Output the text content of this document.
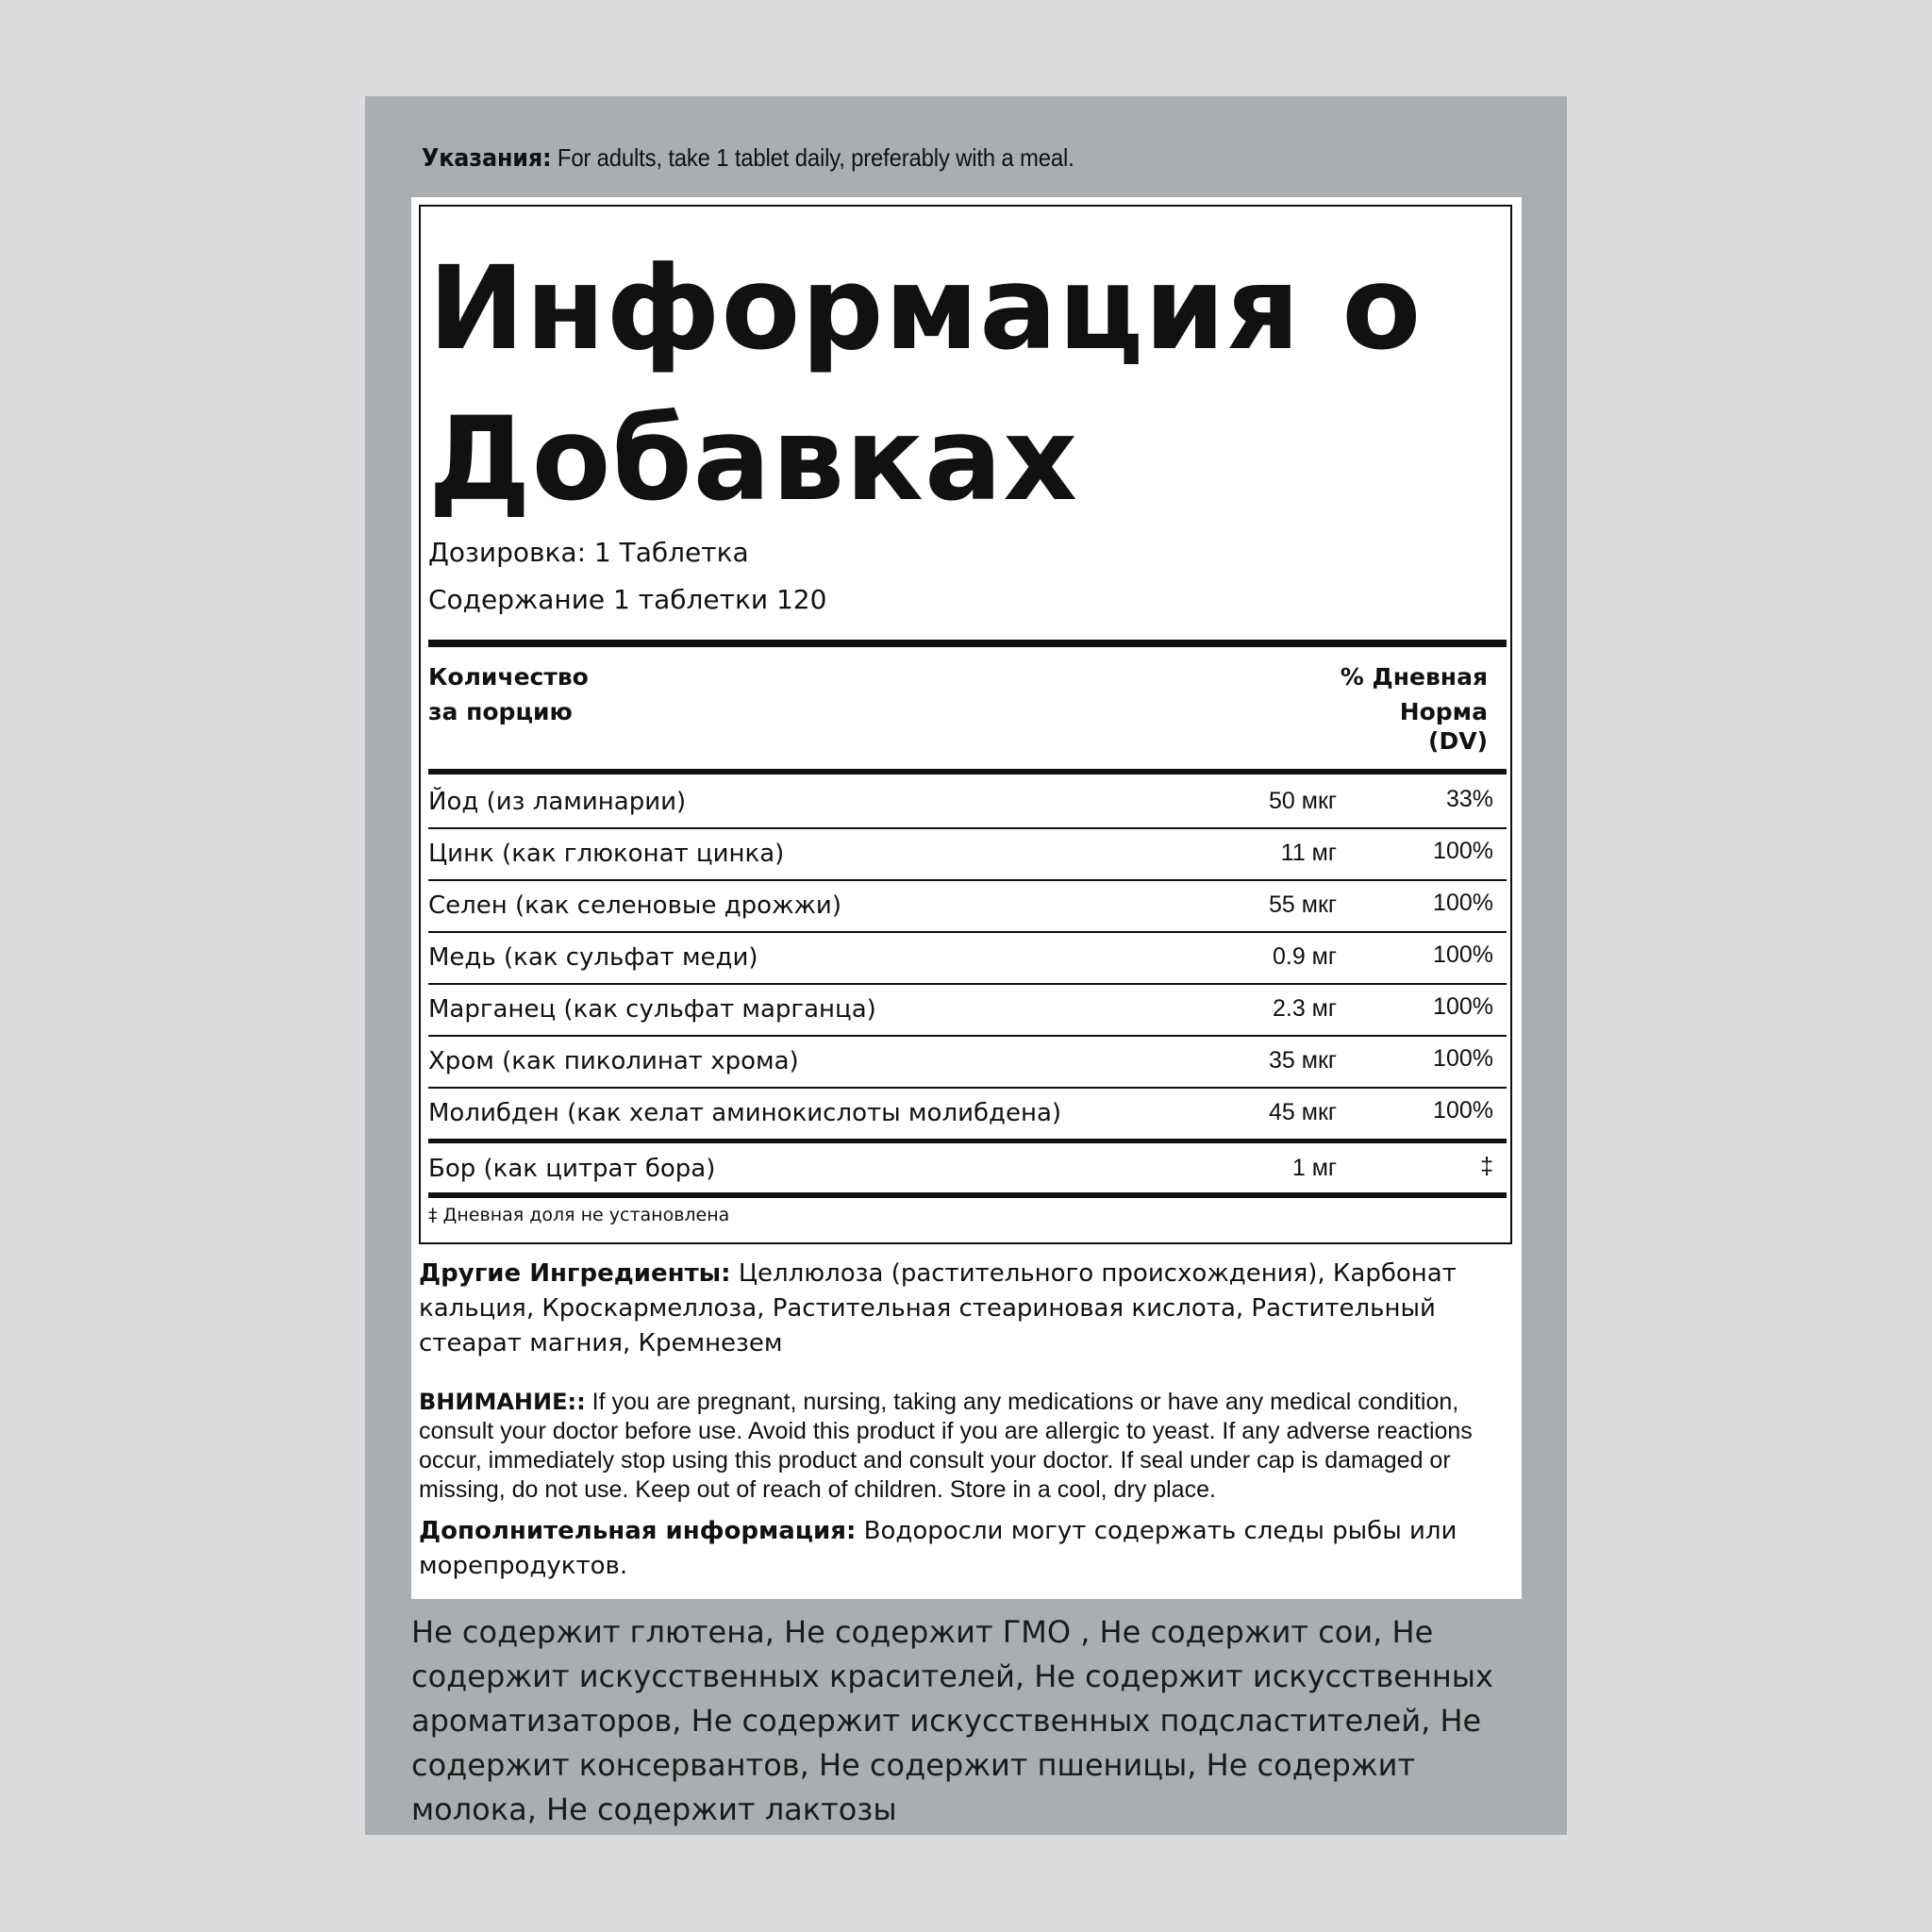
Указания: For adults, take 1 tablet daily, preferably with a meal.
Информация о Добавках
Дозировка: 1 Таблетка
Содержание 1 таблетки 120
Количество
за порцию
% Дневная
Норма
(DV)
Йод (из ламинарии)	50 мкг	33%
Цинк (как глюконат цинка)	11 мг	100%
Селен (как селеновые дрожжи)	55 мкг	100%
Медь (как сульфат меди)	0.9 мг	100%
Марганец (как сульфат марганца)	2.3 мг	100%
Хром (как пиколинат хрома)	35 мкг	100%
Молибден (как хелат аминокислоты молибдена)	45 мкг	100%
Бор (как цитрат бора)	1 мг	‡
‡ Дневная доля не установлена
Другие Ингредиенты: Целлюлоза (растительного происхождения), Карбонат кальция, Кроскармеллоза, Растительная стеариновая кислота, Растительный стеарат магния, Кремнезем
ВНИМАНИЕ:: If you are pregnant, nursing, taking any medications or have any medical condition, consult your doctor before use. Avoid this product if you are allergic to yeast. If any adverse reactions occur, immediately stop using this product and consult your doctor. If seal under cap is damaged or missing, do not use. Keep out of reach of children. Store in a cool, dry place.
Дополнительная информация: Водоросли могут содержать следы рыбы или морепродуктов.
Не содержит глютена, Не содержит ГМО , Не содержит сои, Не содержит искусственных красителей, Не содержит искусственных ароматизаторов, Не содержит искусственных подсластителей, Не содержит консервантов, Не содержит пшеницы, Не содержит молока, Не содержит лактозы
